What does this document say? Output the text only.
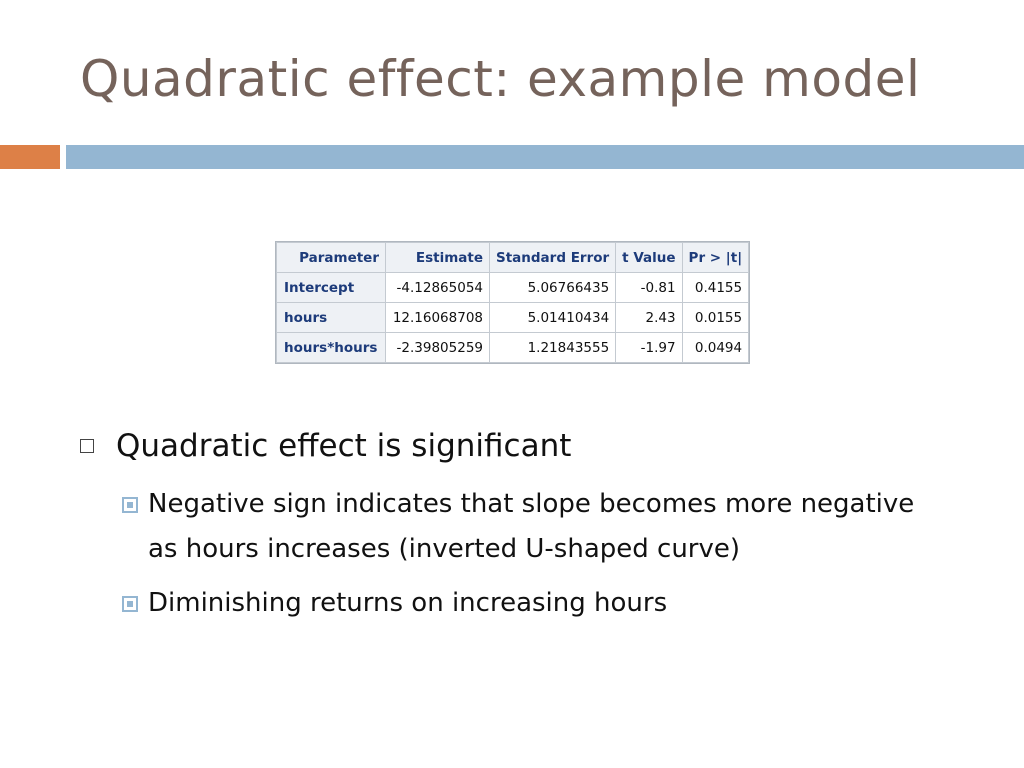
Quadratic effect: example model
Parameter	Estimate	Standard Error	t Value	Pr > |t|
Intercept	-4.12865054	5.06766435	-0.81	0.4155
hours	12.16068708	5.01410434	2.43	0.0155
hours*hours	-2.39805259	1.21843555	-1.97	0.0494
Quadratic effect is significant
Negative sign indicates that slope becomes more negative as hours increases (inverted U-shaped curve)
Diminishing returns on increasing hours
